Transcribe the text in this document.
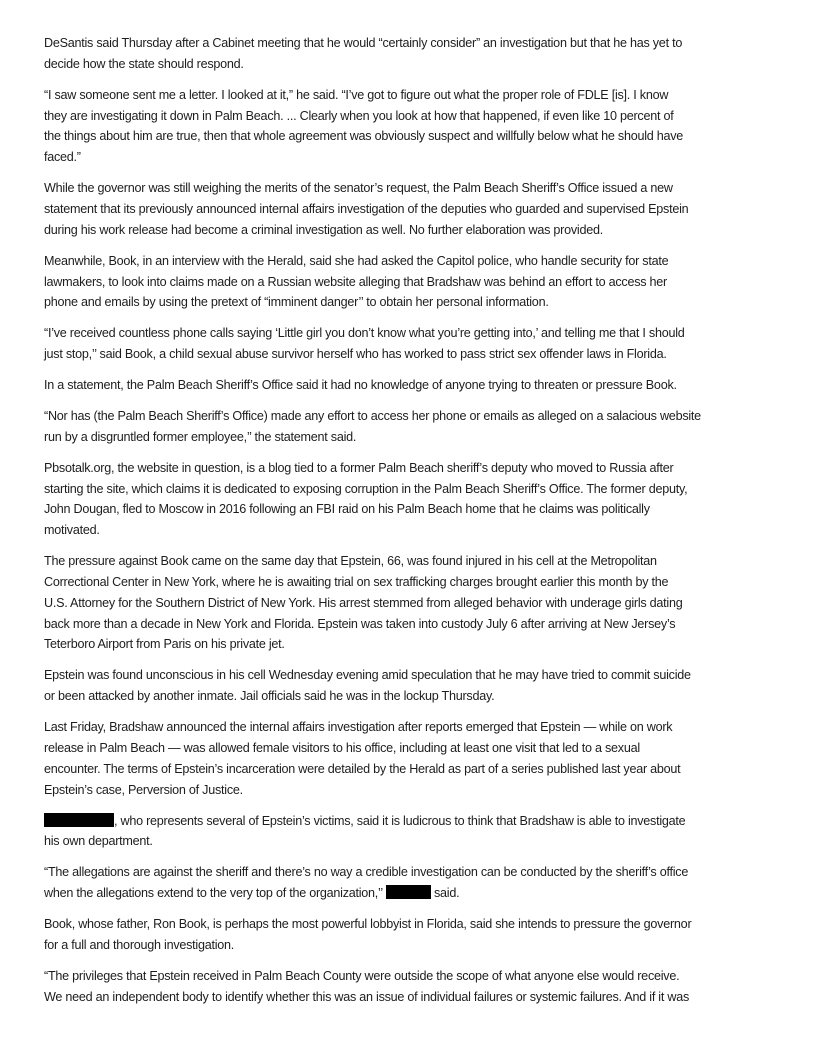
DeSantis said Thursday after a Cabinet meeting that he would “certainly consider” an investigation but that he has yet to
decide how the state should respond.
“I saw someone sent me a letter. I looked at it,” he said. “I’ve got to figure out what the proper role of FDLE [is]. I know
they are investigating it down in Palm Beach. ... Clearly when you look at how that happened, if even like 10 percent of
the things about him are true, then that whole agreement was obviously suspect and willfully below what he should have
faced.”
While the governor was still weighing the merits of the senator’s request, the Palm Beach Sheriff’s Office issued a new
statement that its previously announced internal affairs investigation of the deputies who guarded and supervised Epstein
during his work release had become a criminal investigation as well. No further elaboration was provided.
Meanwhile, Book, in an interview with the Herald, said she had asked the Capitol police, who handle security for state
lawmakers, to look into claims made on a Russian website alleging that Bradshaw was behind an effort to access her
phone and emails by using the pretext of “imminent danger’’ to obtain her personal information.
“I’ve received countless phone calls saying ‘Little girl you don’t know what you’re getting into,’ and telling me that I should
just stop,’’ said Book, a child sexual abuse survivor herself who has worked to pass strict sex offender laws in Florida.
In a statement, the Palm Beach Sheriff’s Office said it had no knowledge of anyone trying to threaten or pressure Book.
“Nor has (the Palm Beach Sheriff’s Office) made any effort to access her phone or emails as alleged on a salacious website
run by a disgruntled former employee,’’ the statement said.
Pbsotalk.org, the website in question, is a blog tied to a former Palm Beach sheriff’s deputy who moved to Russia after
starting the site, which claims it is dedicated to exposing corruption in the Palm Beach Sheriff’s Office. The former deputy,
John Dougan, fled to Moscow in 2016 following an FBI raid on his Palm Beach home that he claims was politically
motivated.
The pressure against Book came on the same day that Epstein, 66, was found injured in his cell at the Metropolitan
Correctional Center in New York, where he is awaiting trial on sex trafficking charges brought earlier this month by the
U.S. Attorney for the Southern District of New York. His arrest stemmed from alleged behavior with underage girls dating
back more than a decade in New York and Florida. Epstein was taken into custody July 6 after arriving at New Jersey’s
Teterboro Airport from Paris on his private jet.
Epstein was found unconscious in his cell Wednesday evening amid speculation that he may have tried to commit suicide
or been attacked by another inmate. Jail officials said he was in the lockup Thursday.
Last Friday, Bradshaw announced the internal affairs investigation after reports emerged that Epstein — while on work
release in Palm Beach — was allowed female visitors to his office, including at least one visit that led to a sexual
encounter. The terms of Epstein’s incarceration were detailed by the Herald as part of a series published last year about
Epstein’s case, Perversion of Justice.
, who represents several of Epstein’s victims, said it is ludicrous to think that Bradshaw is able to investigate
his own department.
“The allegations are against the sheriff and there’s no way a credible investigation can be conducted by the sheriff’s office
when the allegations extend to the very top of the organization,’’	said.
Book, whose father, Ron Book, is perhaps the most powerful lobbyist in Florida, said she intends to pressure the governor
for a full and thorough investigation.
“The privileges that Epstein received in Palm Beach County were outside the scope of what anyone else would receive.
We need an independent body to identify whether this was an issue of individual failures or systemic failures. And if it was
